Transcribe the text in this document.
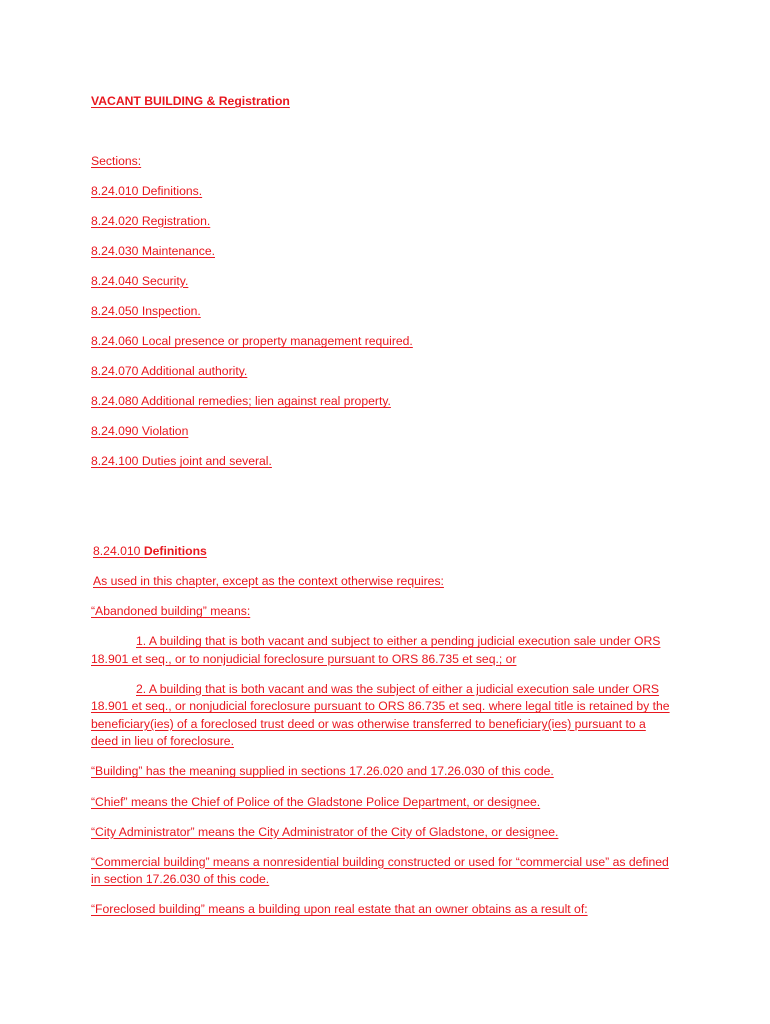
VACANT BUILDING & Registration

Sections:

8.24.010 Definitions.

8.24.020 Registration.

8.24.030 Maintenance.

8.24.040 Security.

8.24.050 Inspection.

8.24.060 Local presence or property management required.

8.24.070 Additional authority.

8.24.080 Additional remedies; lien against real property.

8.24.090 Violation

8.24.100 Duties joint and several.

8.24.010 Definitions

As used in this chapter, except as the context otherwise requires:

“Abandoned building” means:

1. A building that is both vacant and subject to either a pending judicial execution sale under ORS 18.901 et seq., or to nonjudicial foreclosure pursuant to ORS 86.735 et seq.; or

2. A building that is both vacant and was the subject of either a judicial execution sale under ORS 18.901 et seq., or nonjudicial foreclosure pursuant to ORS 86.735 et seq. where legal title is retained by the beneficiary(ies) of a foreclosed trust deed or was otherwise transferred to beneficiary(ies) pursuant to a deed in lieu of foreclosure.

“Building” has the meaning supplied in sections 17.26.020 and 17.26.030 of this code.

“Chief” means the Chief of Police of the Gladstone Police Department, or designee.

“City Administrator” means the City Administrator of the City of Gladstone, or designee.

“Commercial building” means a nonresidential building constructed or used for “commercial use” as defined in section 17.26.030 of this code.

“Foreclosed building” means a building upon real estate that an owner obtains as a result of:
